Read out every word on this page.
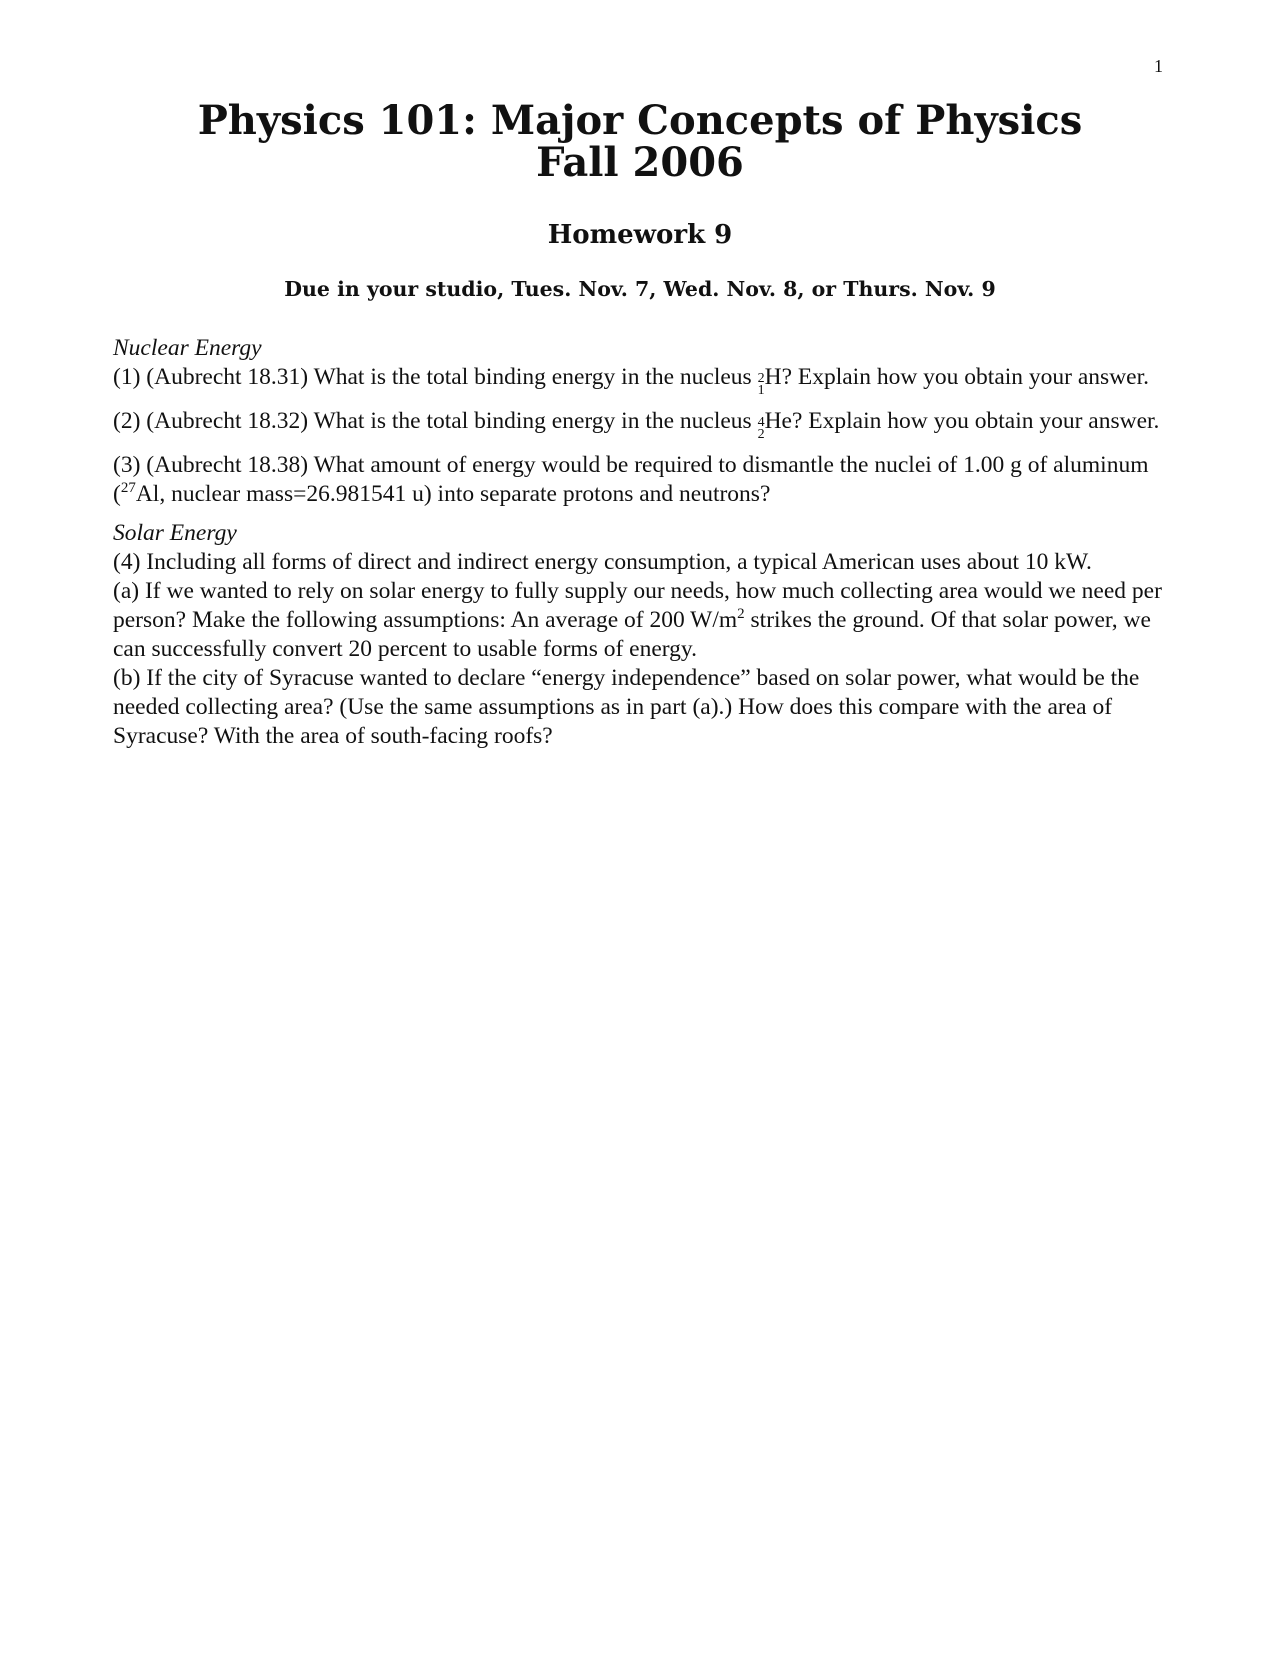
1
Physics 101: Major Concepts of Physics
Fall 2006
Homework 9
Due in your studio, Tues. Nov. 7, Wed. Nov. 8, or Thurs. Nov. 9
Nuclear Energy

(1) (Aubrecht 18.31) What is the total binding energy in the nucleus 2
1
H? Explain how you obtain your answer.

(2) (Aubrecht 18.32) What is the total binding energy in the nucleus 4
2
He? Explain how you obtain your answer.

(3) (Aubrecht 18.38) What amount of energy would be required to dismantle the nuclei of 1.00 g of aluminum ($^{27}$Al, nuclear mass=26.981541 u) into separate protons and neutrons?

Solar Energy

(4) Including all forms of direct and indirect energy consumption, a typical American uses about 10 kW.

(a) If we wanted to rely on solar energy to fully supply our needs, how much collecting area would we need per person? Make the following assumptions: An average of 200 $W/m^2$ strikes the ground. Of that solar power, we can successfully convert 20 percent to usable forms of energy.

(b) If the city of Syracuse wanted to declare “energy independence” based on solar power, what would be the needed collecting area? (Use the same assumptions as in part (a).) How does this compare with the area of Syracuse? With the area of south-facing roofs?
